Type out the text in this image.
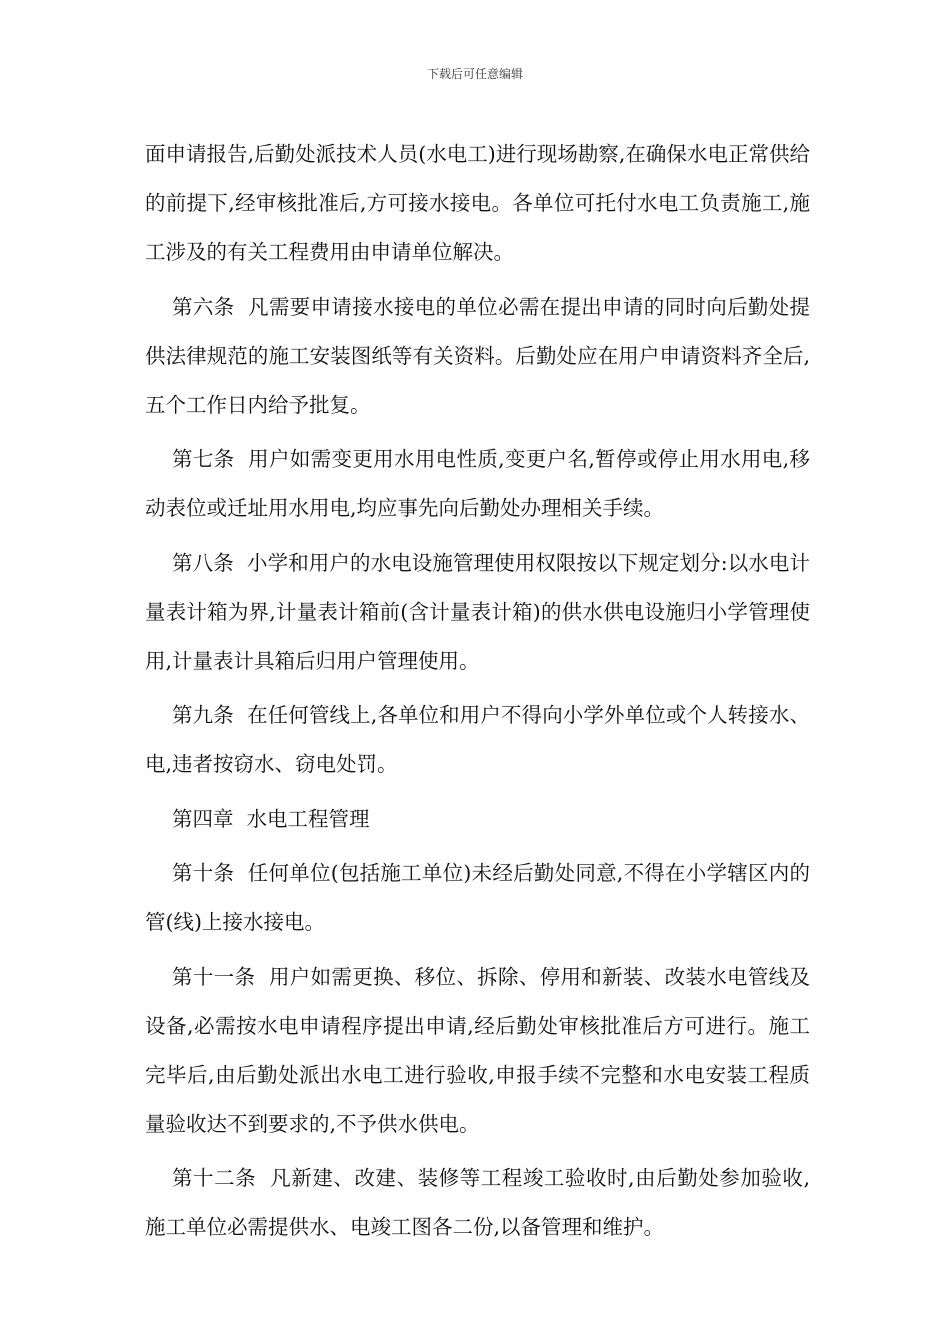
下载后可任意编辑

面申请报告,后勤处派技术人员(水电工)进行现场勘察,在确保水电正常供给的前提下,经审核批准后,方可接水接电。各单位可托付水电工负责施工,施工涉及的有关工程费用由申请单位解决。

第六条  凡需要申请接水接电的单位必需在提出申请的同时向后勤处提供法律规范的施工安装图纸等有关资料。后勤处应在用户申请资料齐全后,五个工作日内给予批复。

第七条  用户如需变更用水用电性质,变更户名,暂停或停止用水用电,移动表位或迁址用水用电,均应事先向后勤处办理相关手续。

第八条  小学和用户的水电设施管理使用权限按以下规定划分:以水电计量表计箱为界,计量表计箱前(含计量表计箱)的供水供电设施归小学管理使用,计量表计具箱后归用户管理使用。

第九条  在任何管线上,各单位和用户不得向小学外单位或个人转接水、电,违者按窃水、窃电处罚。

第四章  水电工程管理

第十条  任何单位(包括施工单位)未经后勤处同意,不得在小学辖区内的管(线)上接水接电。

第十一条  用户如需更换、移位、拆除、停用和新装、改装水电管线及设备,必需按水电申请程序提出申请,经后勤处审核批准后方可进行。施工完毕后,由后勤处派出水电工进行验收,申报手续不完整和水电安装工程质量验收达不到要求的,不予供水供电。

第十二条  凡新建、改建、装修等工程竣工验收时,由后勤处参加验收,施工单位必需提供水、电竣工图各二份,以备管理和维护。
